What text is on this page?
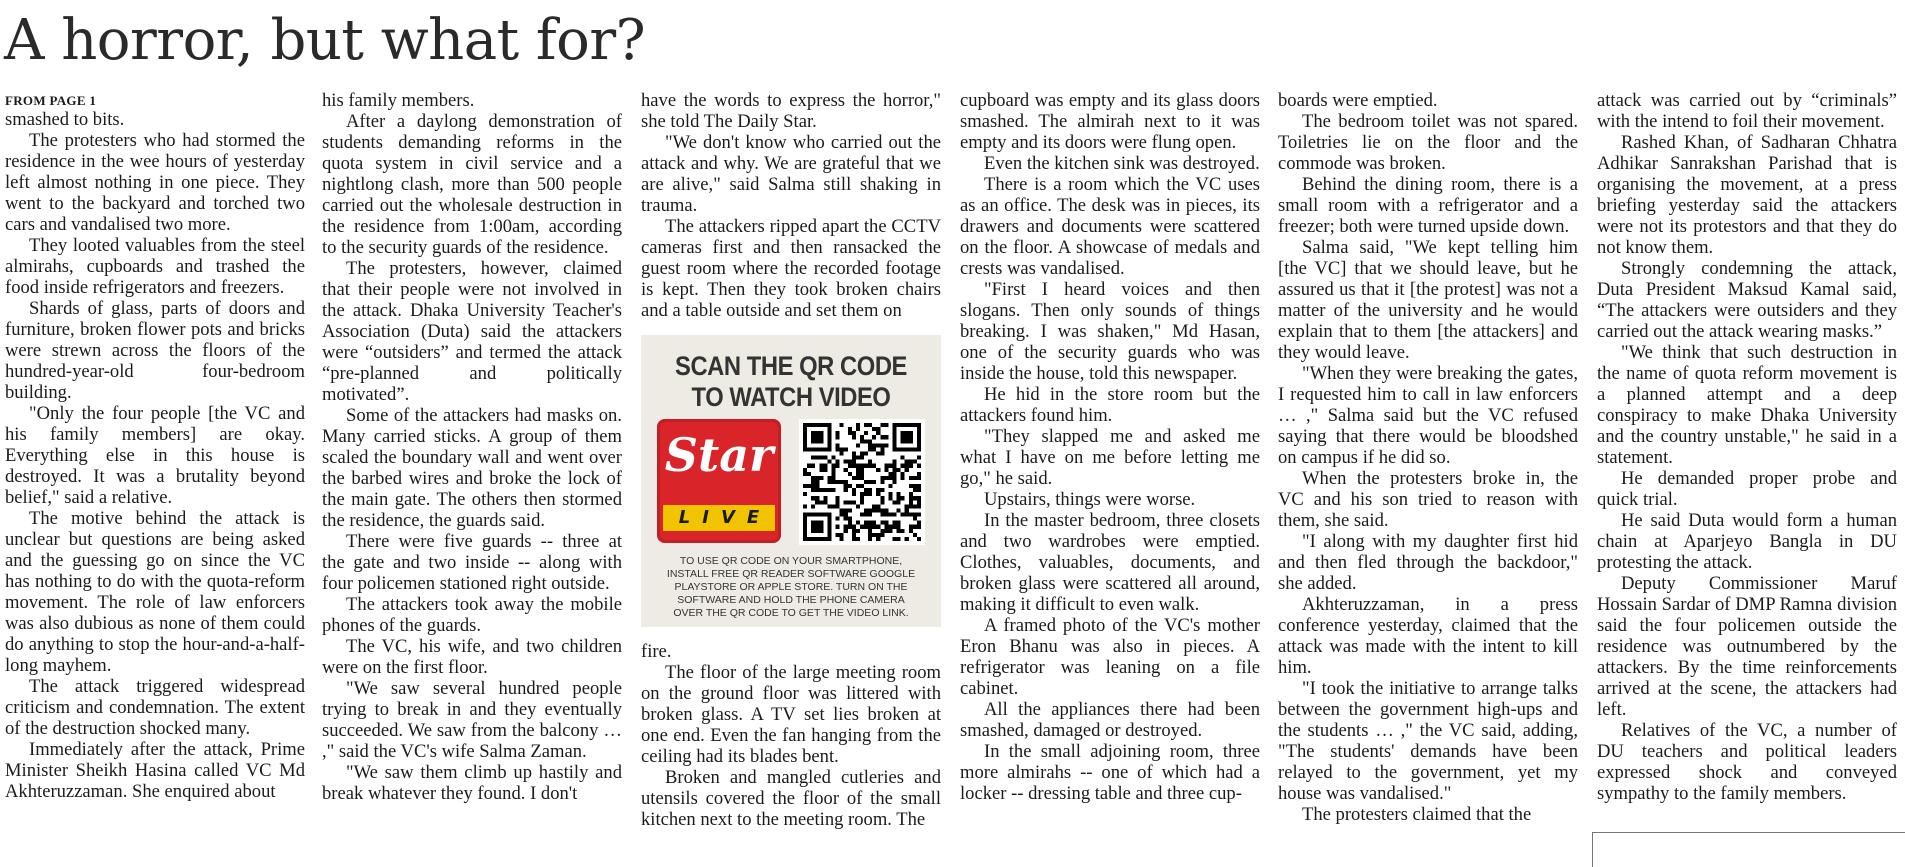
A horror, but what for?
FROM PAGE 1

smashed to bits.

The protesters who had stormed the residence in the wee hours of yesterday left almost nothing in one piece. They went to the backyard and torched two cars and vandalised two more.

They looted valuables from the steel almirahs, cupboards and trashed the food inside refrigerators and freezers.

Shards of glass, parts of doors and furniture, broken flower pots and bricks were strewn across the floors of the hundred-year-old four-bedroom building.

"Only the four people [the VC and his family members] are okay. Everything else in this house is destroyed. It was a brutality beyond belief," said a relative.

The motive behind the attack is unclear but questions are being asked and the guessing go on since the VC has nothing to do with the quota-reform movement. The role of law enforcers was also dubious as none of them could do anything to stop the hour-and-a-half-long mayhem.

The attack triggered widespread criticism and condemnation. The extent of the destruction shocked many.

Immediately after the attack, Prime Minister Sheikh Hasina called VC Md Akhteruzzaman. She enquired about

his family members.

After a daylong demonstration of students demanding reforms in the quota system in civil service and a nightlong clash, more than 500 people carried out the wholesale destruction in the residence from 1:00am, according to the security guards of the residence.

The protesters, however, claimed that their people were not involved in the attack. Dhaka University Teacher's Association (Duta) said the attackers were “outsiders” and termed the attack “pre-planned and politically motivated”.

Some of the attackers had masks on. Many carried sticks. A group of them scaled the boundary wall and went over the barbed wires and broke the lock of the main gate. The others then stormed the residence, the guards said.

There were five guards -- three at the gate and two inside -- along with four policemen stationed right outside.

The attackers took away the mobile phones of the guards.

The VC, his wife, and two children were on the first floor.

"We saw several hundred people trying to break in and they eventually succeeded. We saw from the balcony … ," said the VC's wife Salma Zaman.

"We saw them climb up hastily and break whatever they found. I don't

have the words to express the horror," she told The Daily Star.

"We don't know who carried out the attack and why. We are grateful that we are alive," said Salma still shaking in trauma.

The attackers ripped apart the CCTV cameras first and then ransacked the guest room where the recorded footage is kept. Then they took broken chairs and a table outside and set them on

SCAN THE QR CODE
TO WATCH VIDEO
Star
LIVE
TO USE QR CODE ON YOUR SMARTPHONE, INSTALL FREE QR READER SOFTWARE GOOGLE PLAYSTORE OR APPLE STORE. TURN ON THE SOFTWARE AND HOLD THE PHONE CAMERA OVER THE QR CODE TO GET THE VIDEO LINK.

fire.

The floor of the large meeting room on the ground floor was littered with broken glass. A TV set lies broken at one end. Even the fan hanging from the ceiling had its blades bent.

Broken and mangled cutleries and utensils covered the floor of the small kitchen next to the meeting room. The

cupboard was empty and its glass doors smashed. The almirah next to it was empty and its doors were flung open.

Even the kitchen sink was destroyed.

There is a room which the VC uses as an office. The desk was in pieces, its drawers and documents were scattered on the floor. A showcase of medals and crests was vandalised.

"First I heard voices and then slogans. Then only sounds of things breaking. I was shaken," Md Hasan, one of the security guards who was inside the house, told this newspaper.

He hid in the store room but the attackers found him.

"They slapped me and asked me what I have on me before letting me go," he said.

Upstairs, things were worse.

In the master bedroom, three closets and two wardrobes were emptied. Clothes, valuables, documents, and broken glass were scattered all around, making it difficult to even walk.

A framed photo of the VC's mother Eron Bhanu was also in pieces. A refrigerator was leaning on a file cabinet.

All the appliances there had been smashed, damaged or destroyed.

In the small adjoining room, three more almirahs -- one of which had a locker -- dressing table and three cup-

boards were emptied.

The bedroom toilet was not spared. Toiletries lie on the floor and the commode was broken.

Behind the dining room, there is a small room with a refrigerator and a freezer; both were turned upside down.

Salma said, "We kept telling him [the VC] that we should leave, but he assured us that it [the protest] was not a matter of the university and he would explain that to them [the attackers] and they would leave.

"When they were breaking the gates, I requested him to call in law enforcers … ," Salma said but the VC refused saying that there would be bloodshed on campus if he did so.

When the protesters broke in, the VC and his son tried to reason with them, she said.

"I along with my daughter first hid and then fled through the backdoor," she added.

Akhteruzzaman, in a press conference yesterday, claimed that the attack was made with the intent to kill him.

"I took the initiative to arrange talks between the government high-ups and the students … ," the VC said, adding, "The students' demands have been relayed to the government, yet my house was vandalised."

The protesters claimed that the

attack was carried out by “criminals” with the intend to foil their movement.

Rashed Khan, of Sadharan Chhatra Adhikar Sanrakshan Parishad that is organising the movement, at a press briefing yesterday said the attackers were not its protestors and that they do not know them.

Strongly condemning the attack, Duta President Maksud Kamal said, “The attackers were outsiders and they carried out the attack wearing masks.”

"We think that such destruction in the name of quota reform movement is a planned attempt and a deep conspiracy to make Dhaka University and the country unstable," he said in a statement.

He demanded proper probe and quick trial.

He said Duta would form a human chain at Aparjeyo Bangla in DU protesting the attack.

Deputy Commissioner Maruf Hossain Sardar of DMP Ramna division said the four policemen outside the residence was outnumbered by the attackers. By the time reinforcements arrived at the scene, the attackers had left.

Relatives of the VC, a number of DU teachers and political leaders expressed shock and conveyed sympathy to the family members.
